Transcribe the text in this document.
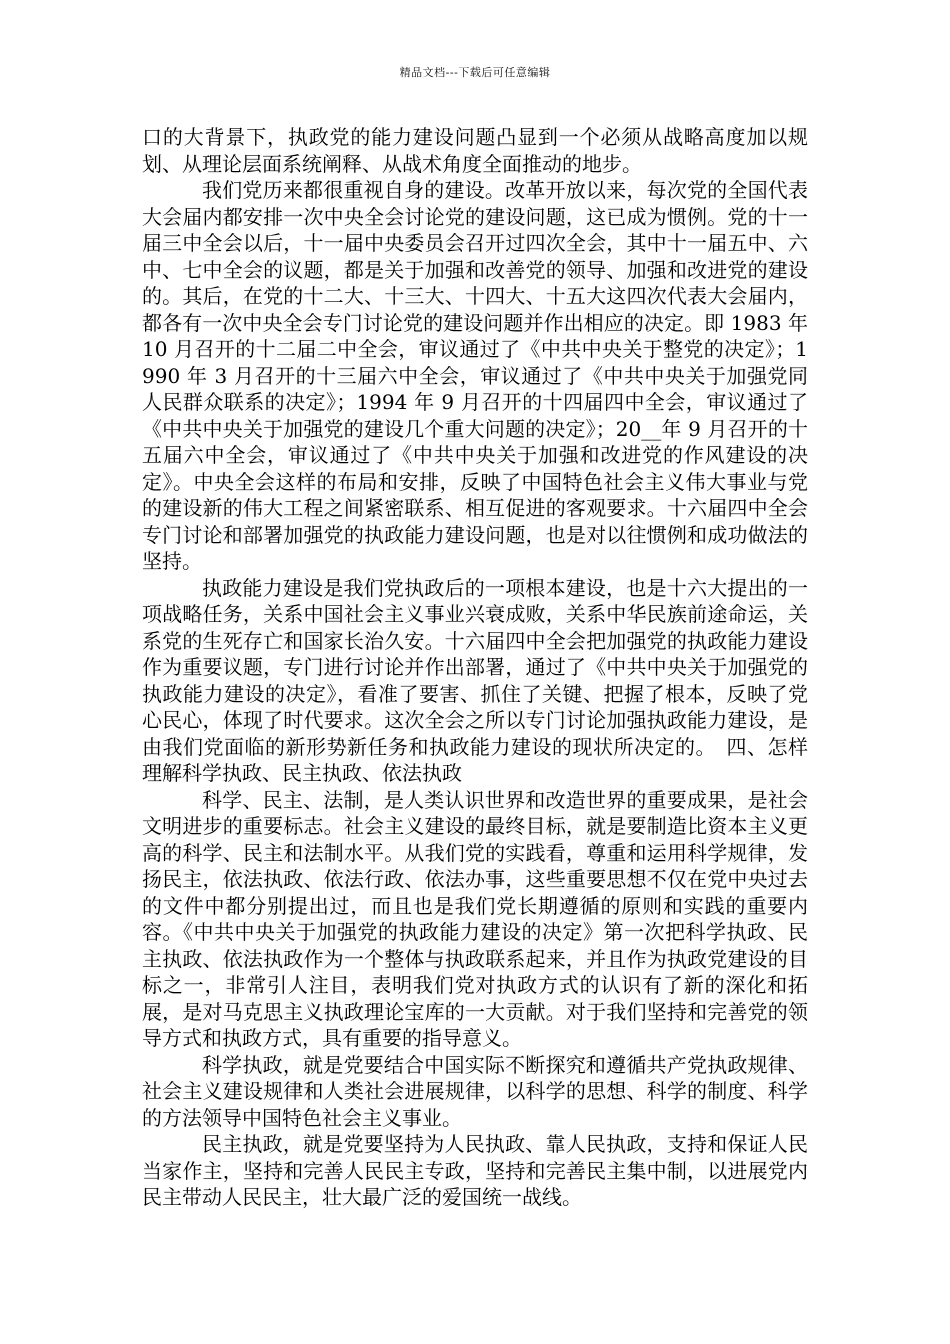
精品文档---下载后可任意编辑

口的大背景下，执政党的能力建设问题凸显到一个必须从战略高度加以规划、从理论层面系统阐释、从战术角度全面推动的地步。

我们党历来都很重视自身的建设。改革开放以来，每次党的全国代表大会届内都安排一次中央全会讨论党的建设问题，这已成为惯例。党的十一届三中全会以后，十一届中央委员会召开过四次全会，其中十一届五中、六中、七中全会的议题，都是关于加强和改善党的领导、加强和改进党的建设的。其后，在党的十二大、十三大、十四大、十五大这四次代表大会届内，都各有一次中央全会专门讨论党的建设问题并作出相应的决定。即 1983 年 10 月召开的十二届二中全会，审议通过了《中共中央关于整党的决定》；1990 年 3 月召开的十三届六中全会，审议通过了《中共中央关于加强党同人民群众联系的决定》；1994 年 9 月召开的十四届四中全会，审议通过了《中共中央关于加强党的建设几个重大问题的决定》；20__年 9 月召开的十五届六中全会，审议通过了《中共中央关于加强和改进党的作风建设的决定》。中央全会这样的布局和安排，反映了中国特色社会主义伟大事业与党的建设新的伟大工程之间紧密联系、相互促进的客观要求。十六届四中全会专门讨论和部署加强党的执政能力建设问题，也是对以往惯例和成功做法的坚持。

执政能力建设是我们党执政后的一项根本建设，也是十六大提出的一项战略任务，关系中国社会主义事业兴衰成败，关系中华民族前途命运，关系党的生死存亡和国家长治久安。十六届四中全会把加强党的执政能力建设作为重要议题，专门进行讨论并作出部署，通过了《中共中央关于加强党的执政能力建设的决定》，看准了要害、抓住了关键、把握了根本，反映了党心民心，体现了时代要求。这次全会之所以专门讨论加强执政能力建设，是由我们党面临的新形势新任务和执政能力建设的现状所决定的。　四、怎样理解科学执政、民主执政、依法执政

科学、民主、法制，是人类认识世界和改造世界的重要成果，是社会文明进步的重要标志。社会主义建设的最终目标，就是要制造比资本主义更高的科学、民主和法制水平。从我们党的实践看，尊重和运用科学规律，发扬民主，依法执政、依法行政、依法办事，这些重要思想不仅在党中央过去的文件中都分别提出过，而且也是我们党长期遵循的原则和实践的重要内容。《中共中央关于加强党的执政能力建设的决定》第一次把科学执政、民主执政、依法执政作为一个整体与执政联系起来，并且作为执政党建设的目标之一，非常引人注目，表明我们党对执政方式的认识有了新的深化和拓展，是对马克思主义执政理论宝库的一大贡献。对于我们坚持和完善党的领导方式和执政方式，具有重要的指导意义。

科学执政，就是党要结合中国实际不断探究和遵循共产党执政规律、社会主义建设规律和人类社会进展规律，以科学的思想、科学的制度、科学的方法领导中国特色社会主义事业。

民主执政，就是党要坚持为人民执政、靠人民执政，支持和保证人民当家作主，坚持和完善人民民主专政，坚持和完善民主集中制，以进展党内民主带动人民民主，壮大最广泛的爱国统一战线。
